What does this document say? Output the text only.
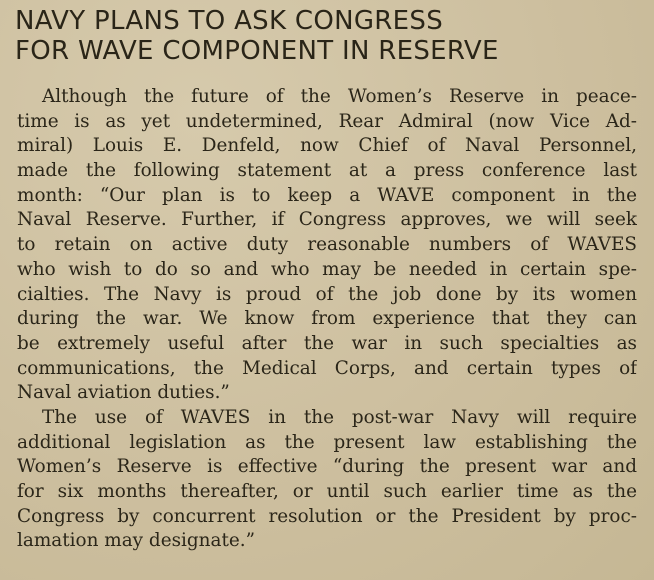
NAVY PLANS TO ASK CONGRESS
FOR WAVE COMPONENT IN RESERVE
Although the future of the Women’s Reserve in peace-
time is as yet undetermined, Rear Admiral (now Vice Ad-
miral) Louis E. Denfeld, now Chief of Naval Personnel,
made the following statement at a press conference last
month: “Our plan is to keep a WAVE component in the
Naval Reserve. Further, if Congress approves, we will seek
to retain on active duty reasonable numbers of WAVES
who wish to do so and who may be needed in certain spe-
cialties. The Navy is proud of the job done by its women
during the war. We know from experience that they can
be extremely useful after the war in such specialties as
communications, the Medical Corps, and certain types of
Naval aviation duties.”
The use of WAVES in the post-war Navy will require
additional legislation as the present law establishing the
Women’s Reserve is effective “during the present war and
for six months thereafter, or until such earlier time as the
Congress by concurrent resolution or the President by proc-
lamation may designate.”
